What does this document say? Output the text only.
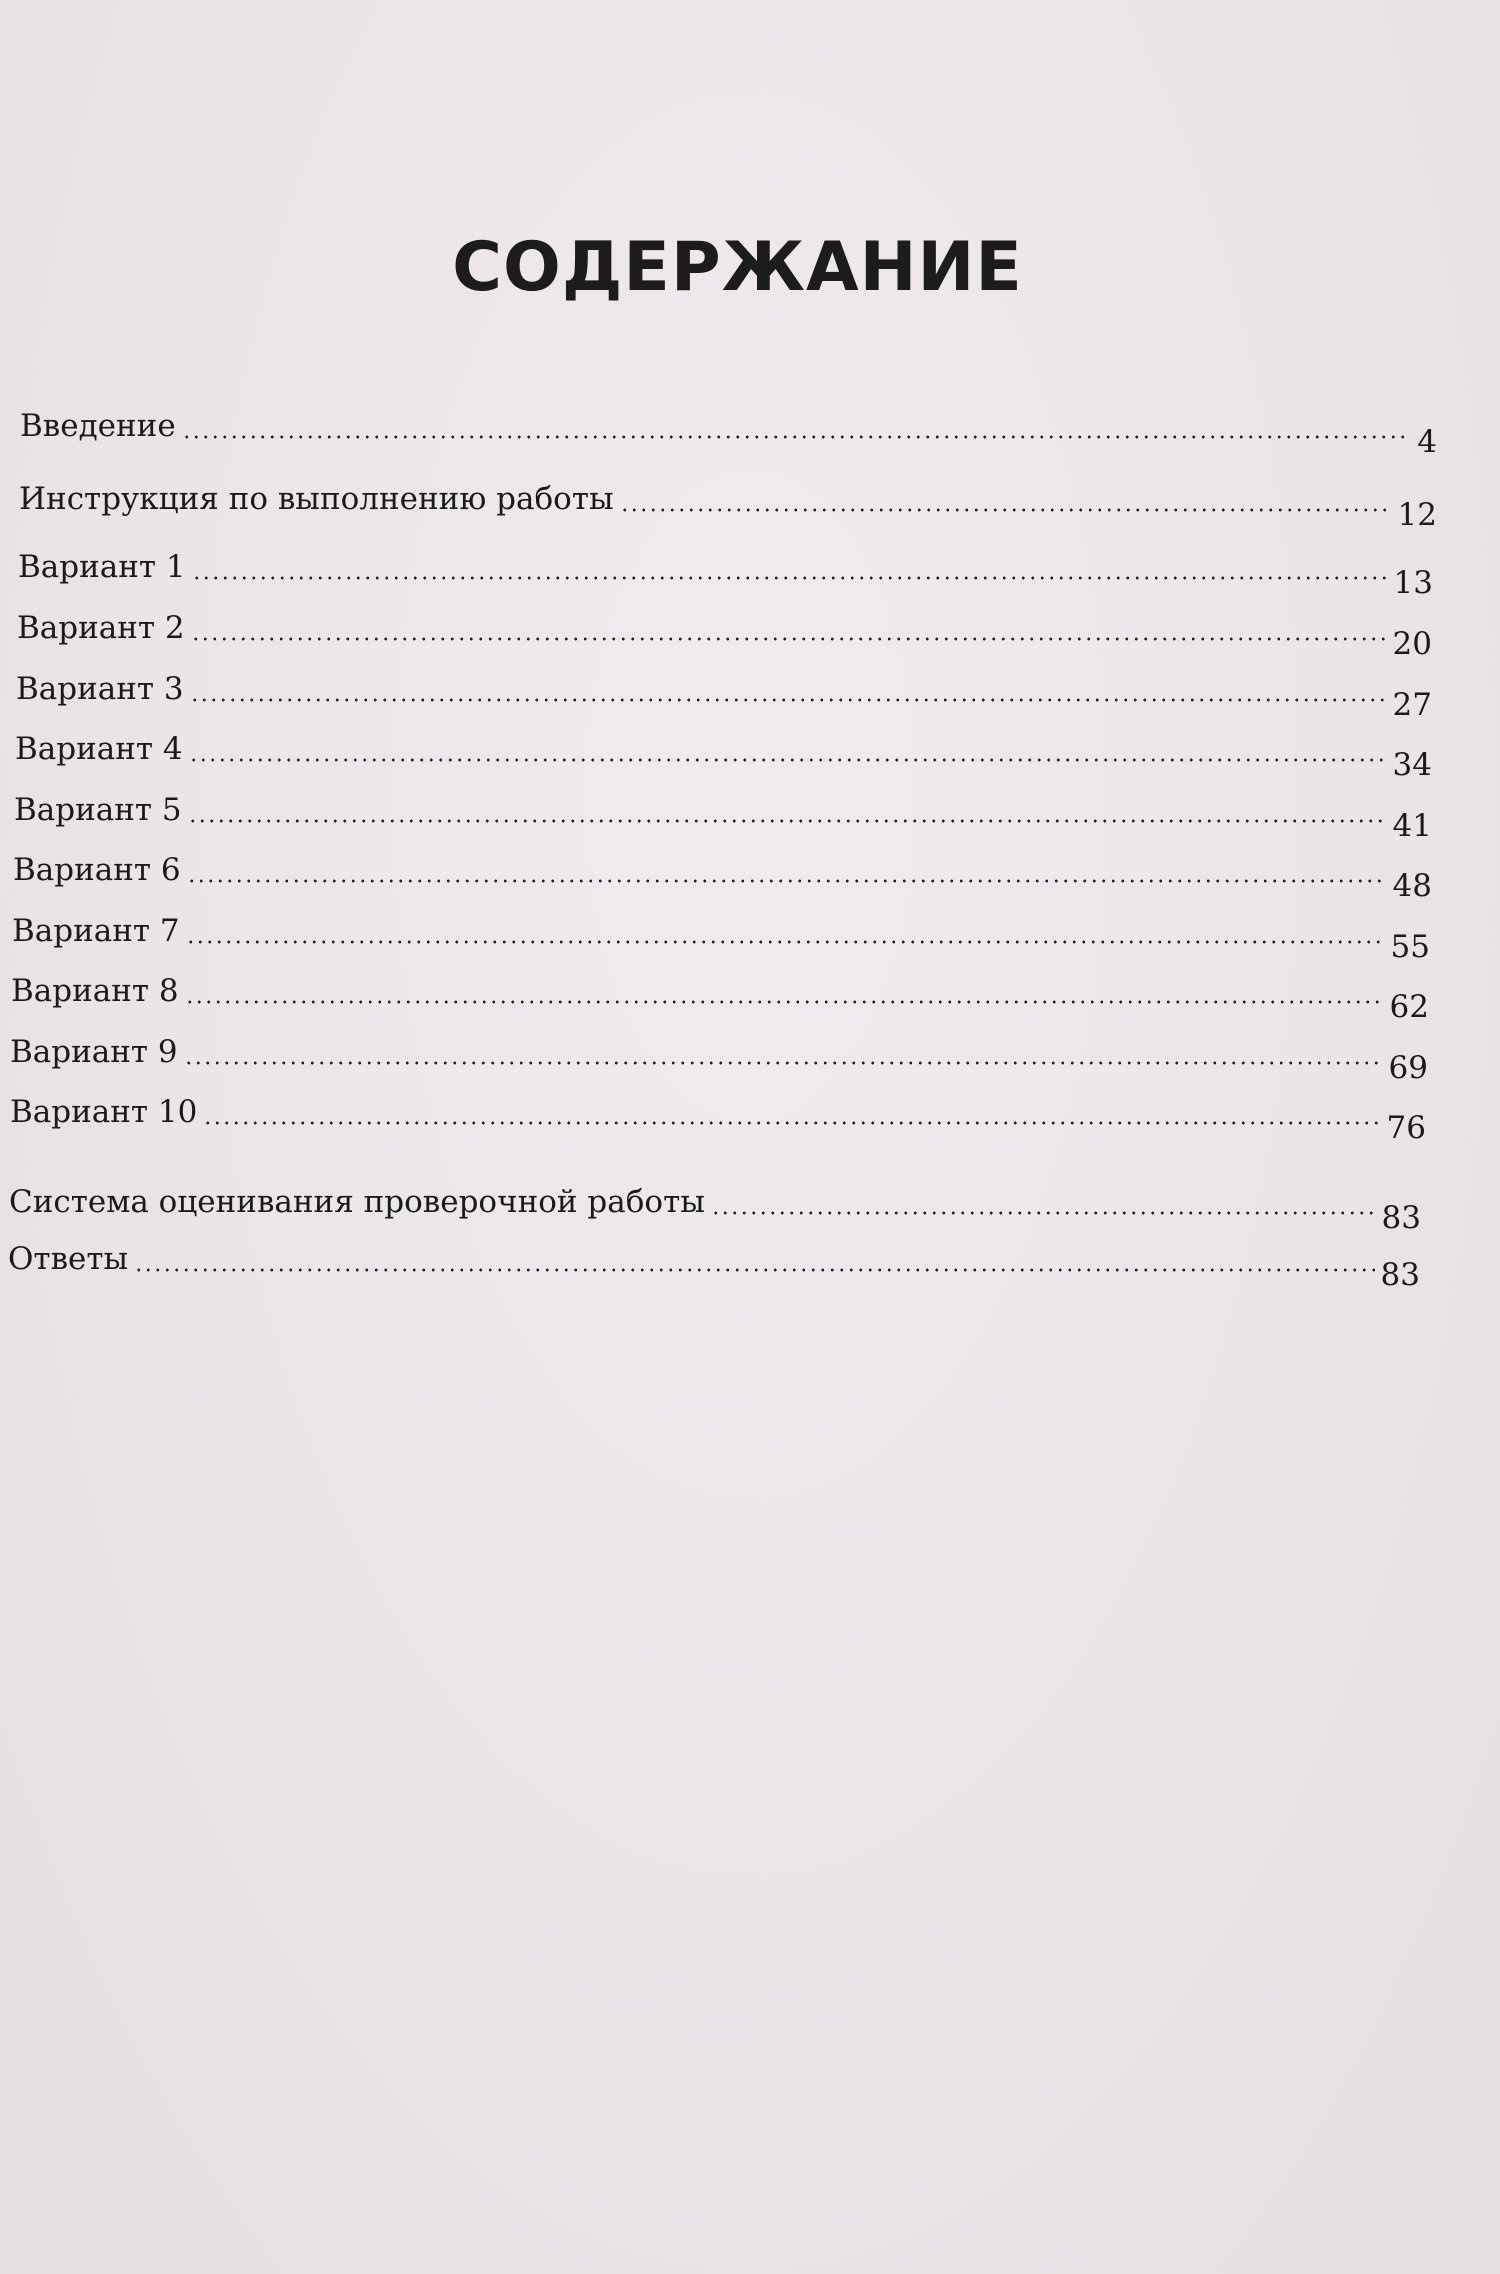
СОДЕРЖАНИЕ
Введение	4
Инструкция по выполнению работы	12
Вариант 1	13
Вариант 2	20
Вариант 3	27
Вариант 4	34
Вариант 5	41
Вариант 6	48
Вариант 7	55
Вариант 8	62
Вариант 9	69
Вариант 10	76
Система оценивания проверочной работы	83
Ответы	83
